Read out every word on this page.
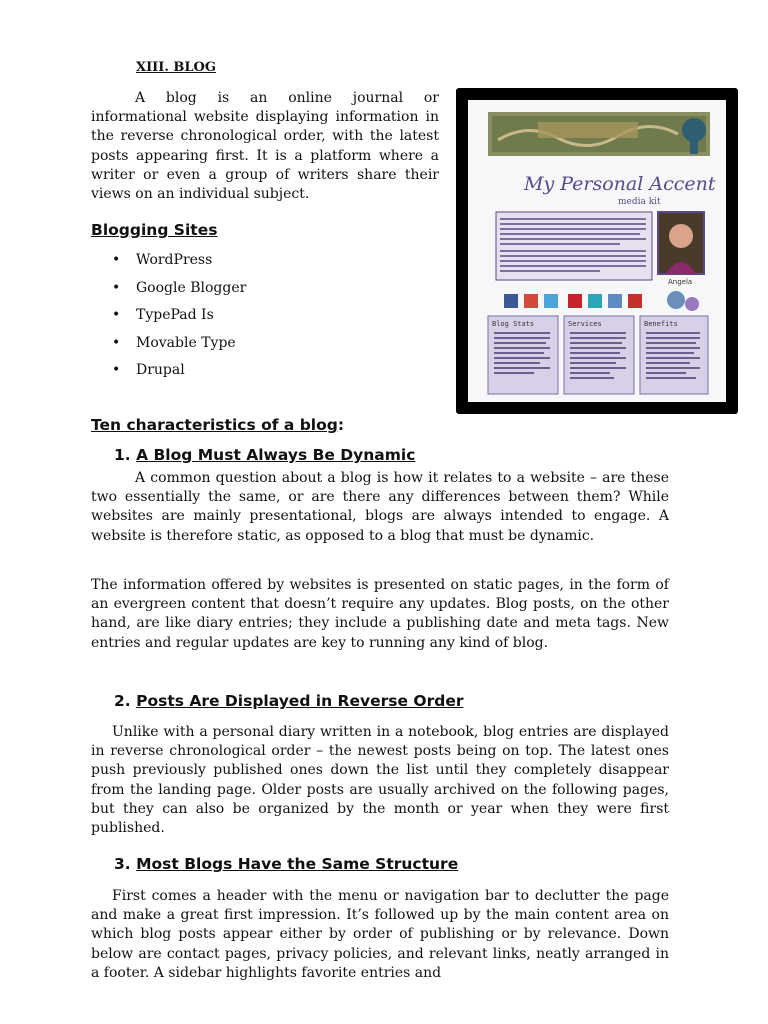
XIII. BLOG

A blog is an online journal or informational website displaying information in the reverse chronological order, with the latest posts appearing first. It is a platform where a writer or even a group of writers share their views on an individual subject.

Blogging Sites
• WordPress
• Google Blogger
• TypePad Is
• Movable Type
• Drupal
My Personal Accent
media kit
Angela
Blog Stats	Services	Benefits
Ten characteristics of a blog:
1. A Blog Must Always Be Dynamic

A common question about a blog is how it relates to a website – are these two essentially the same, or are there any differences between them? While websites are mainly presentational, blogs are always intended to engage. A website is therefore static, as opposed to a blog that must be dynamic.

The information offered by websites is presented on static pages, in the form of an evergreen content that doesn’t require any updates. Blog posts, on the other hand, are like diary entries; they include a publishing date and meta tags. New entries and regular updates are key to running any kind of blog.

2. Posts Are Displayed in Reverse Order

Unlike with a personal diary written in a notebook, blog entries are displayed in reverse chronological order – the newest posts being on top. The latest ones push previously published ones down the list until they completely disappear from the landing page. Older posts are usually archived on the following pages, but they can also be organized by the month or year when they were first published.

3. Most Blogs Have the Same Structure

First comes a header with the menu or navigation bar to declutter the page and make a great first impression. It’s followed up by the main content area on which blog posts appear either by order of publishing or by relevance. Down below are contact pages, privacy policies, and relevant links, neatly arranged in a footer. A sidebar highlights favorite entries and
